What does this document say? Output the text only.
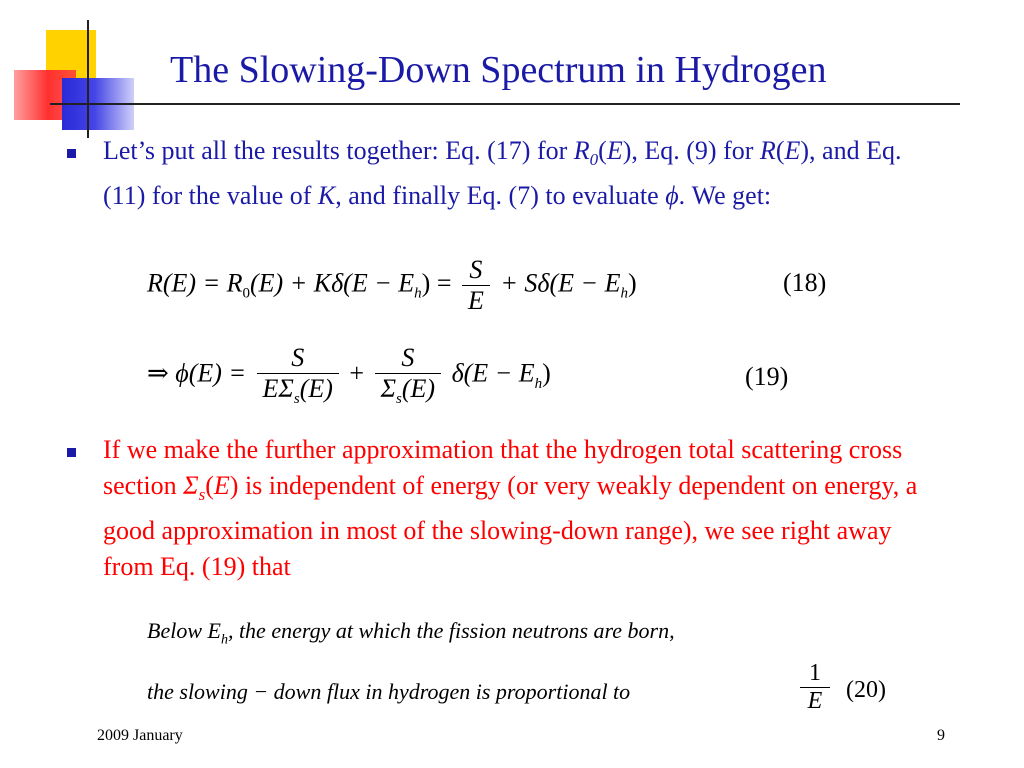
The Slowing-Down Spectrum in Hydrogen
Let’s put all the results together: Eq. (17) for $R_0(E)$, Eq. (9) for R(E), and Eq. (11) for the value of K, and finally Eq. (7) to evaluate ϕ. We get:
$R(E) = R_0(E) + K\delta(E - E_h) = \frac{S}{E} + S\delta(E - E_h)$	(18)
⇒ $\phi(E) = \frac{S}{E\Sigma_s(E)} + \frac{S}{\Sigma_s(E)} \delta(E - E_h)$	(19)
If we make the further approximation that the hydrogen total scattering cross section $\Sigma_s(E)$ is independent of energy (or very weakly dependent on energy, a good approximation in most of the slowing-down range), we see right away from Eq. (19) that
Below $E_h$, the energy at which the fission neutrons are born,
the slowing − down flux in hydrogen is proportional to	$\frac{1}{E} (20)$
2009 January	9
